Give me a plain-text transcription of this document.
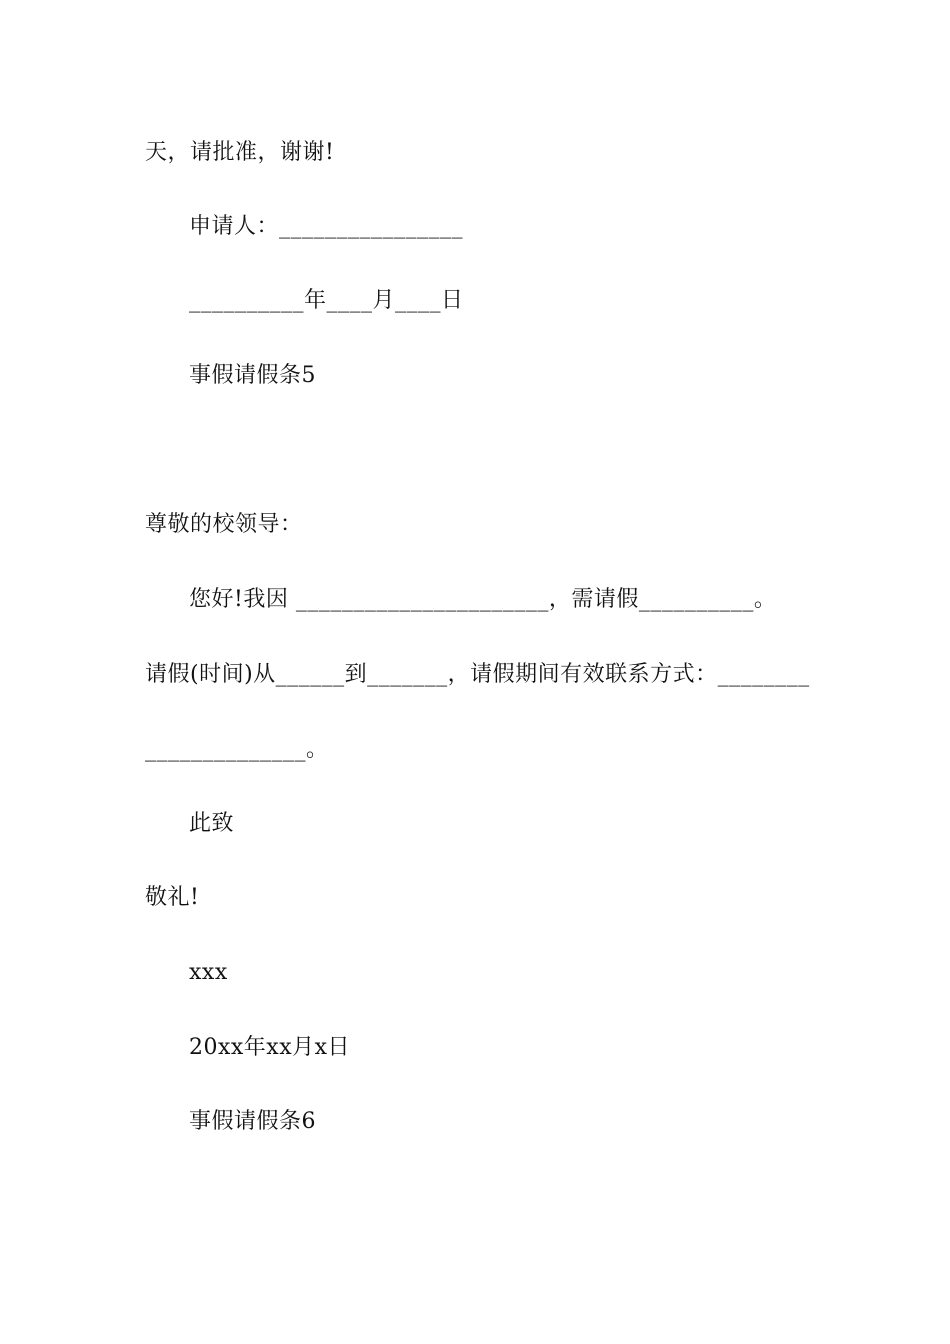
天，请批准，谢谢!
申请人：________________
__________年____月____日
事假请假条5
尊敬的校领导：
您好!我因 ______________________，需请假__________。
请假(时间)从______到_______，请假期间有效联系方式：________
______________。
此致
敬礼!
xxx
20xx年xx月x日
事假请假条6
